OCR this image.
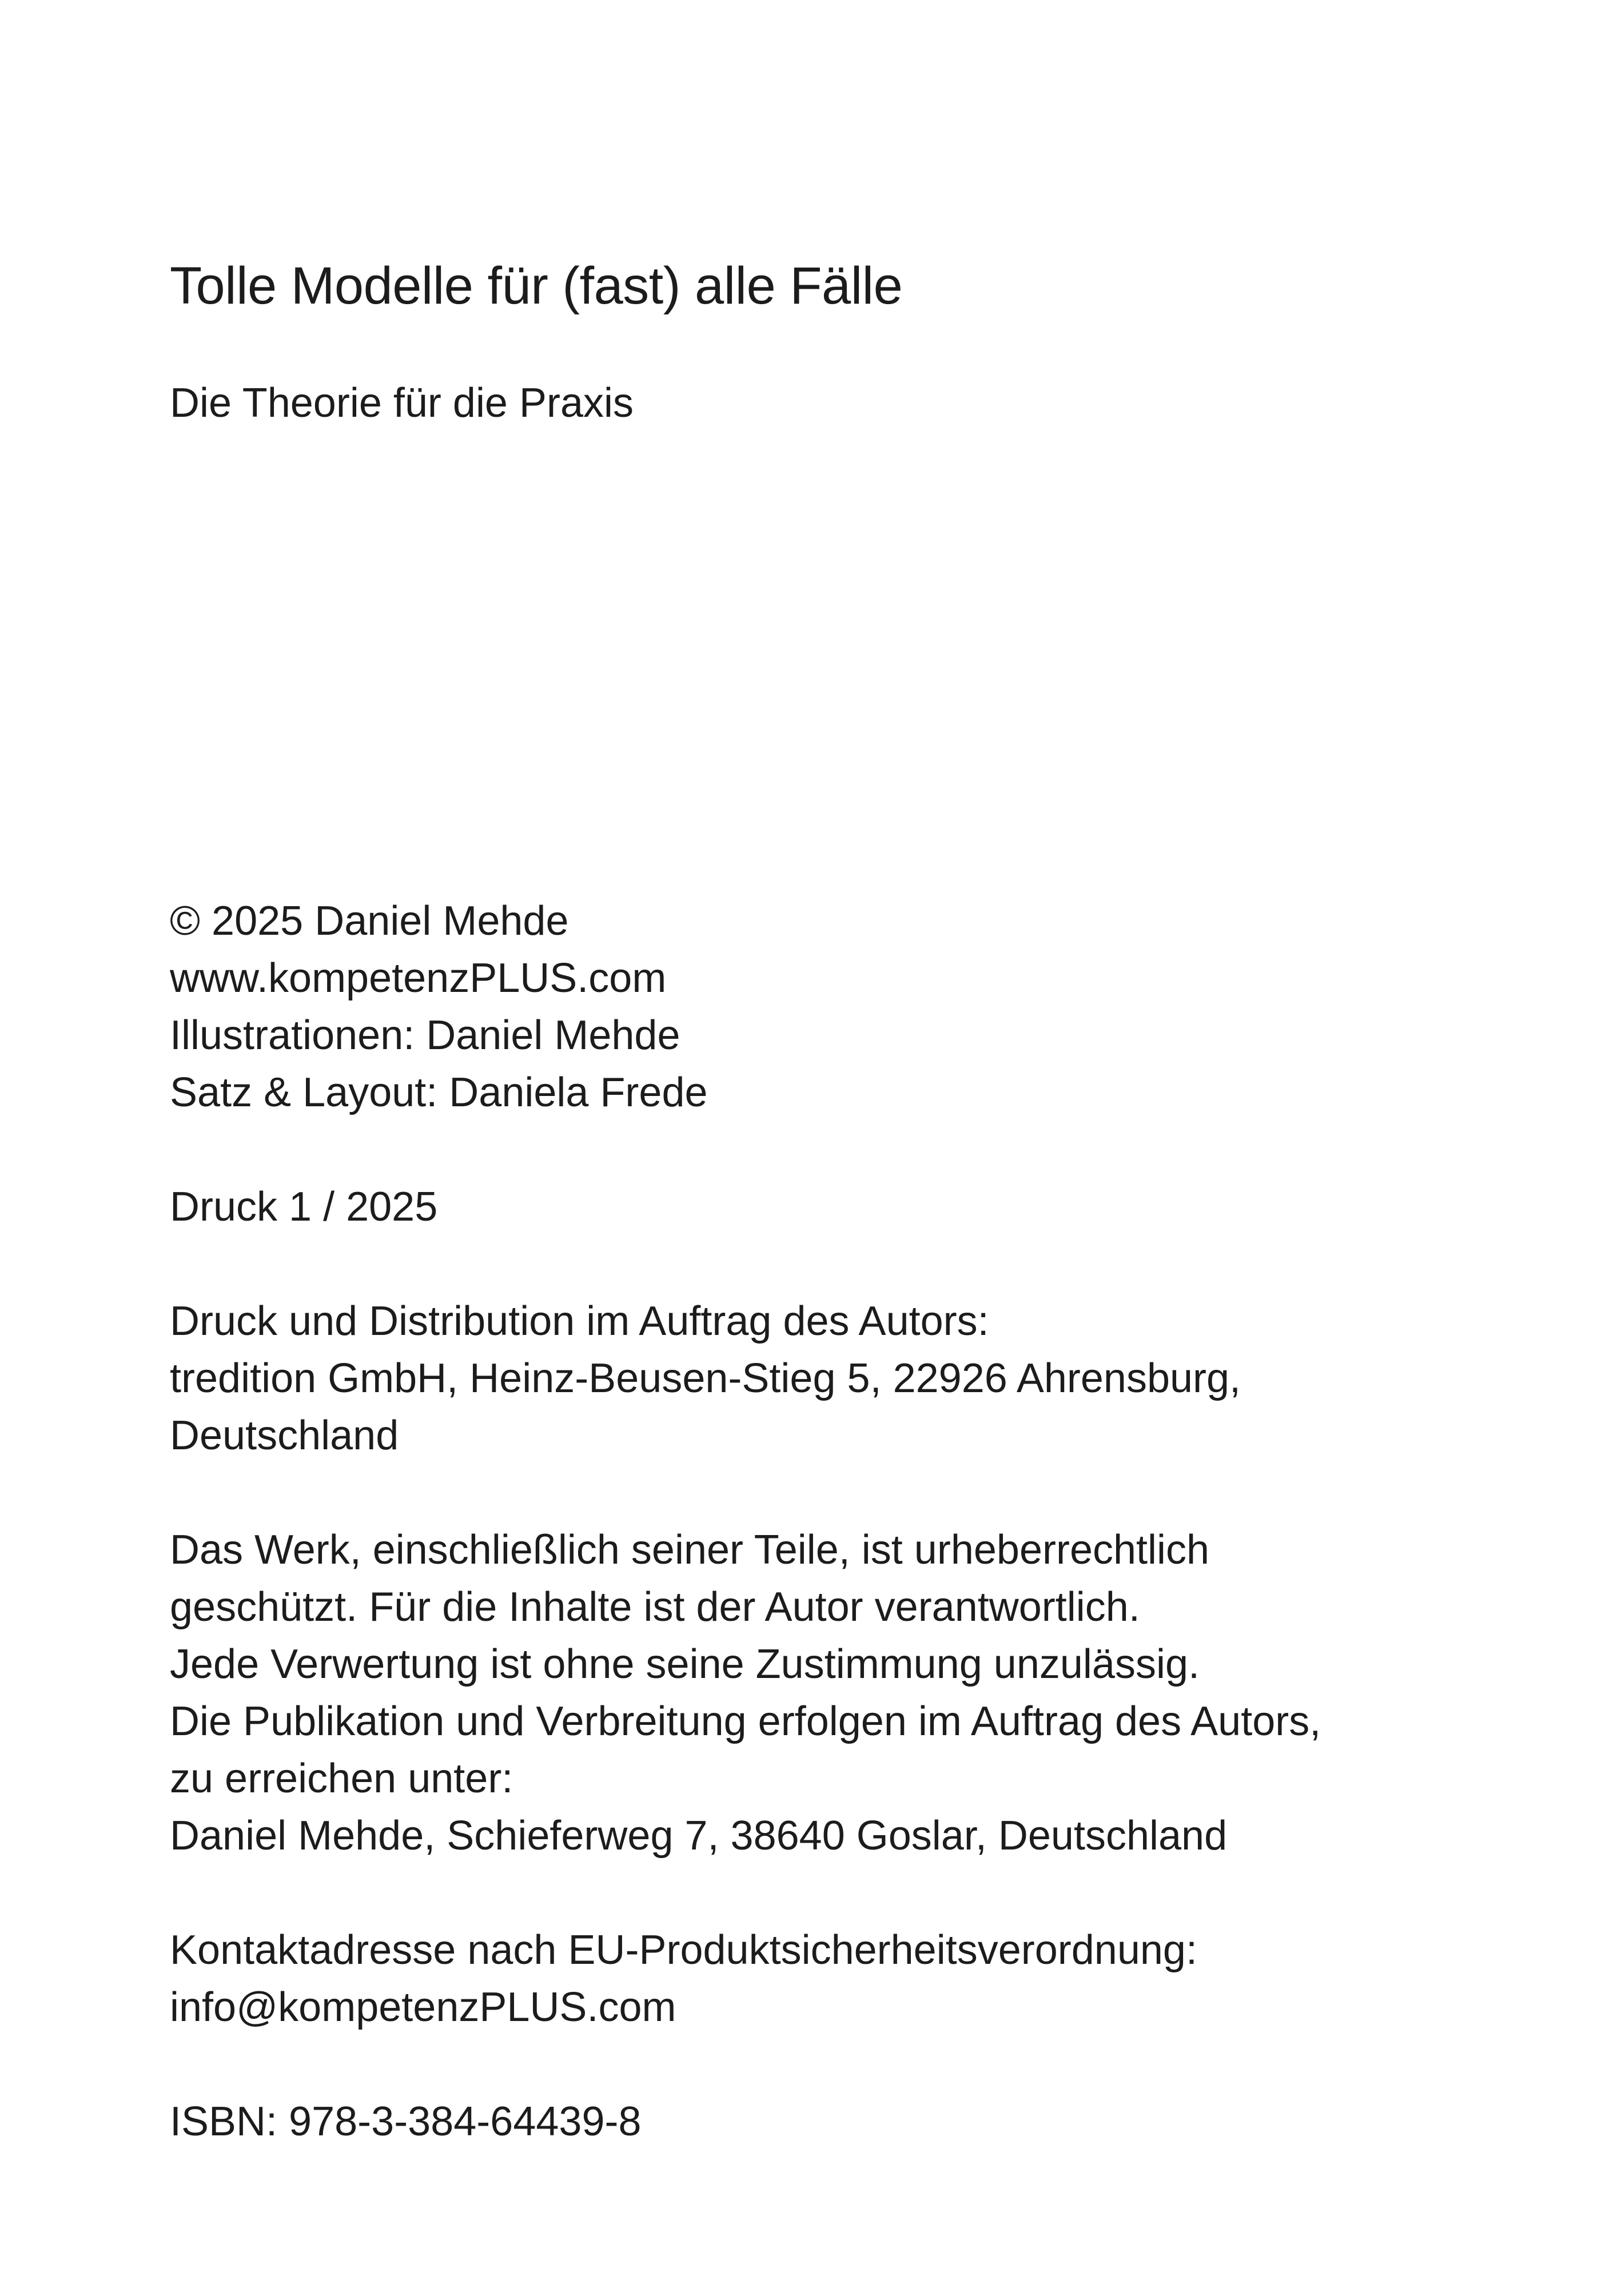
Tolle Modelle für (fast) alle Fälle
Die Theorie für die Praxis
© 2025 Daniel Mehde
www.kompetenzPLUS.com
Illustrationen: Daniel Mehde
Satz & Layout: Daniela Frede
Druck 1 / 2025
Druck und Distribution im Auftrag des Autors:
tredition GmbH, Heinz-Beusen-Stieg 5, 22926 Ahrensburg,
Deutschland
Das Werk, einschließlich seiner Teile, ist urheberrechtlich
geschützt. Für die Inhalte ist der Autor verantwortlich.
Jede Verwertung ist ohne seine Zustimmung unzulässig.
Die Publikation und Verbreitung erfolgen im Auftrag des Autors,
zu erreichen unter:
Daniel Mehde, Schieferweg 7, 38640 Goslar, Deutschland
Kontaktadresse nach EU-Produktsicherheitsverordnung:
info@kompetenzPLUS.com
ISBN: 978-3-384-64439-8
